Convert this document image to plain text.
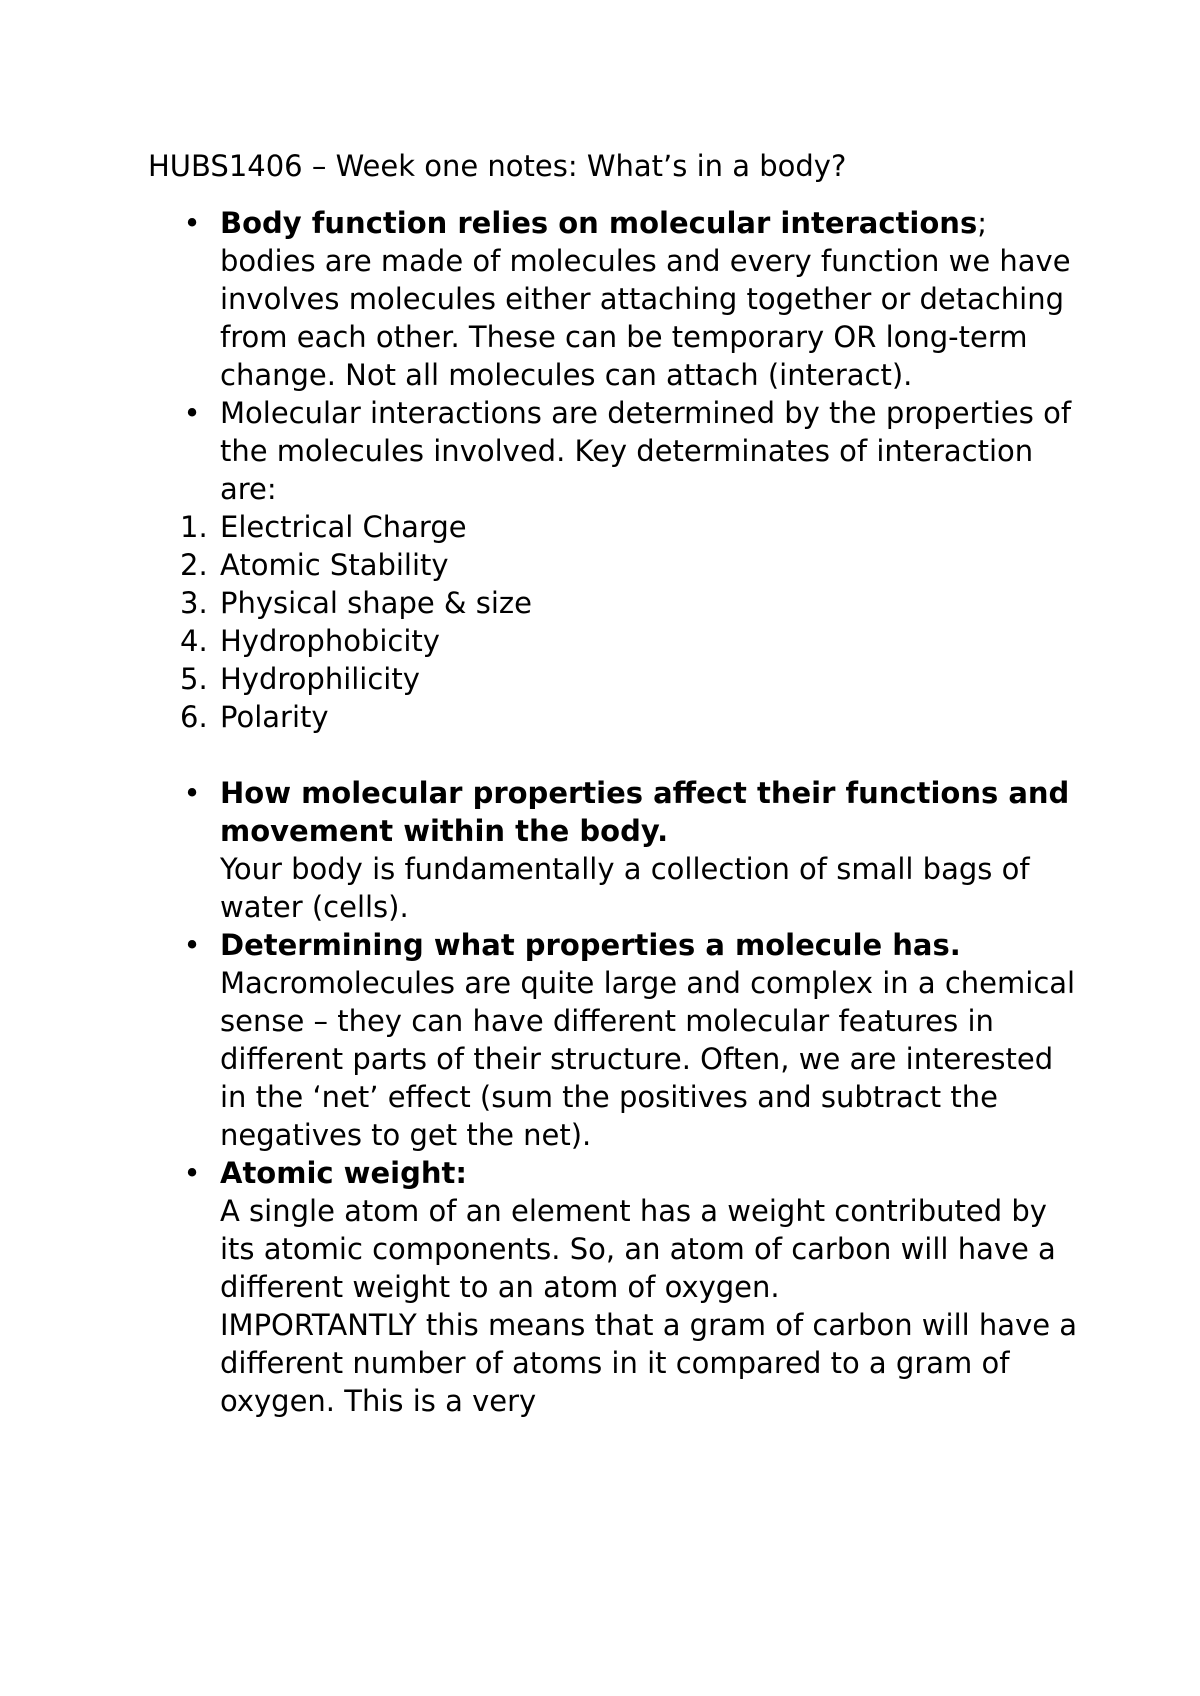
HUBS1406 – Week one notes: What’s in a body?

• Body function relies on molecular interactions; bodies are made of molecules and every function we have involves molecules either attaching together or detaching from each other. These can be temporary OR long-term change. Not all molecules can attach (interact).
• Molecular interactions are determined by the properties of the molecules involved. Key determinates of interaction are:
1. Electrical Charge
2. Atomic Stability
3. Physical shape & size
4. Hydrophobicity
5. Hydrophilicity
6. Polarity
• How molecular properties affect their functions and movement within the body.
Your body is fundamentally a collection of small bags of water (cells).
• Determining what properties a molecule has.
Macromolecules are quite large and complex in a chemical sense – they can have different molecular features in different parts of their structure. Often, we are interested in the ‘net’ effect (sum the positives and subtract the negatives to get the net).
• Atomic weight:
A single atom of an element has a weight contributed by its atomic components. So, an atom of carbon will have a different weight to an atom of oxygen.
IMPORTANTLY this means that a gram of carbon will have a different number of atoms in it compared to a gram of oxygen. This is a very
